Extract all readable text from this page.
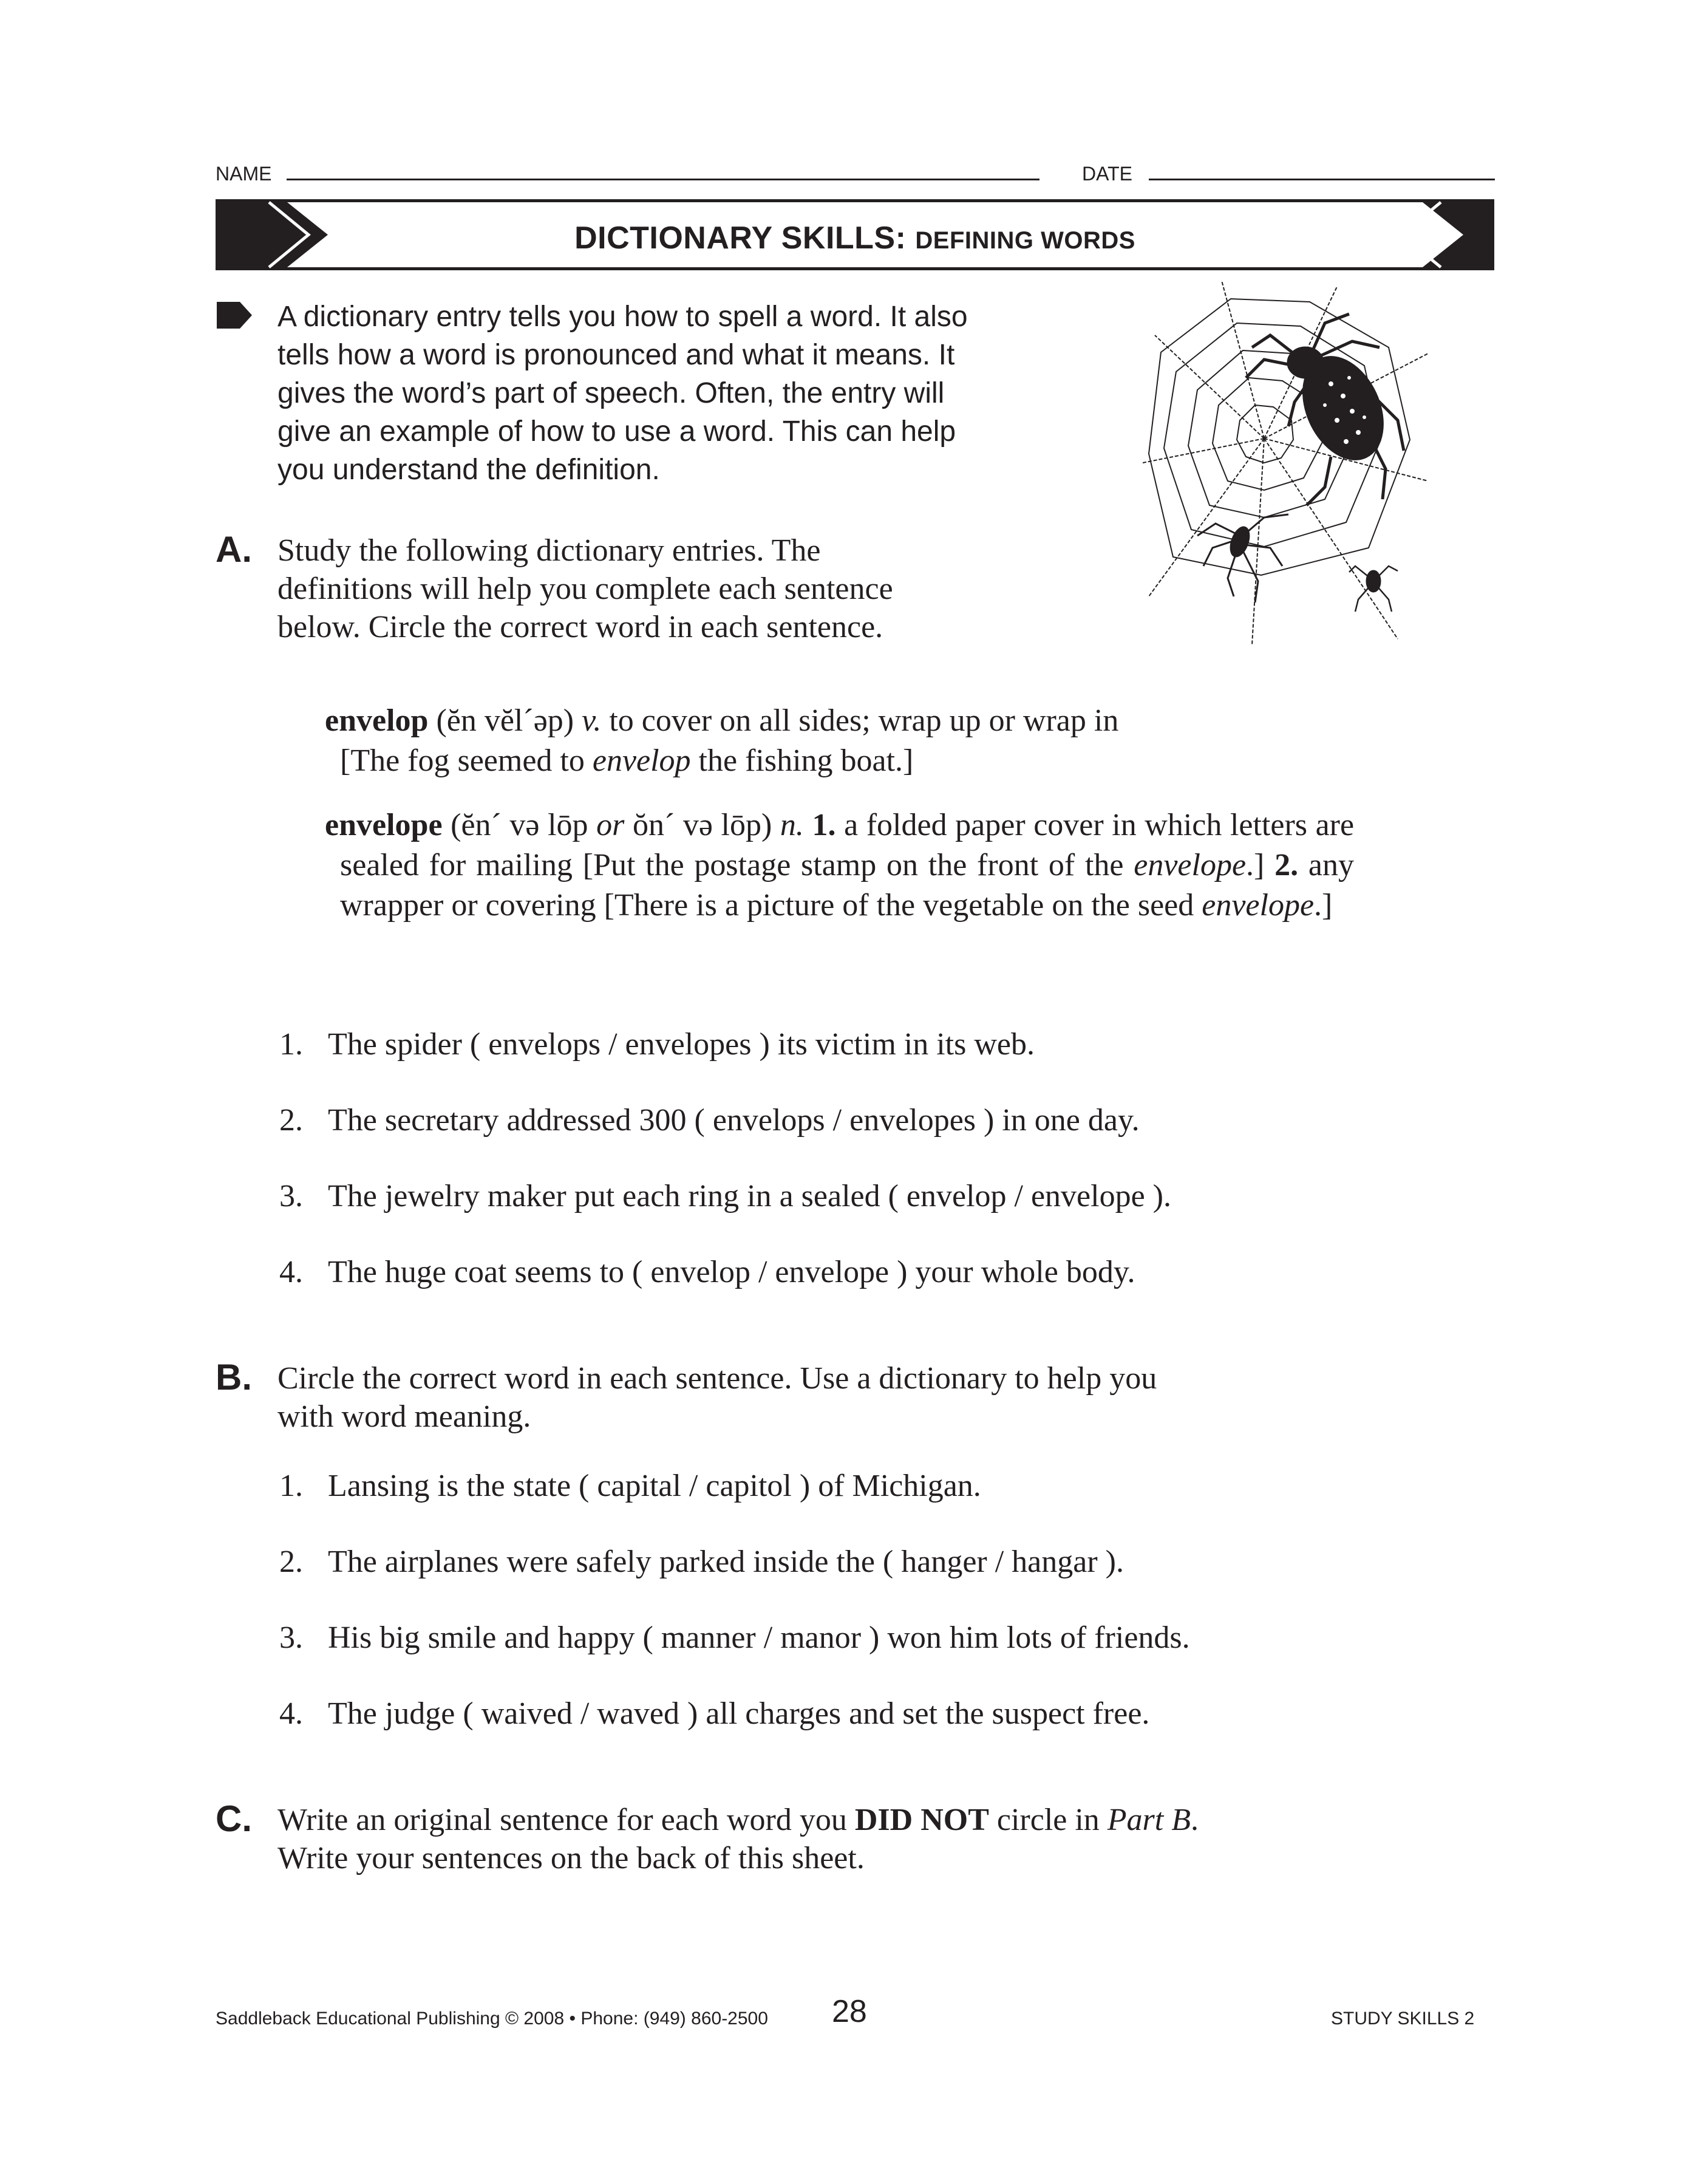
NAME	DATE
DICTIONARY SKILLS: DEFINING WORDS
A dictionary entry tells you how to spell a word. It also
tells how a word is pronounced and what it means. It
gives the word’s part of speech. Often, the entry will
give an example of how to use a word. This can help
you understand the definition.
A. Study the following dictionary entries. The
definitions will help you complete each sentence
below. Circle the correct word in each sentence.
envelop (ĕn vĕl´əp) v. to cover on all sides; wrap up or wrap in
[The fog seemed to envelop the fishing boat.]
envelope (ĕn´ və lōp or ŏn´ və lōp) n. 1. a folded paper cover in which letters are sealed for mailing [Put the postage stamp on the front of the envelope.] 2. any wrapper or covering [There is a picture of the vegetable on the seed envelope.]
1. The spider ( envelops / envelopes ) its victim in its web.
2. The secretary addressed 300 ( envelops / envelopes ) in one day.
3. The jewelry maker put each ring in a sealed ( envelop / envelope ).
4. The huge coat seems to ( envelop / envelope ) your whole body.
B. Circle the correct word in each sentence. Use a dictionary to help you
with word meaning.
1. Lansing is the state ( capital / capitol ) of Michigan.
2. The airplanes were safely parked inside the ( hanger / hangar ).
3. His big smile and happy ( manner / manor ) won him lots of friends.
4. The judge ( waived / waved ) all charges and set the suspect free.
C. Write an original sentence for each word you DID NOT circle in Part B.
Write your sentences on the back of this sheet.
Saddleback Educational Publishing © 2008 • Phone: (949) 860-2500 28	STUDY SKILLS 2
